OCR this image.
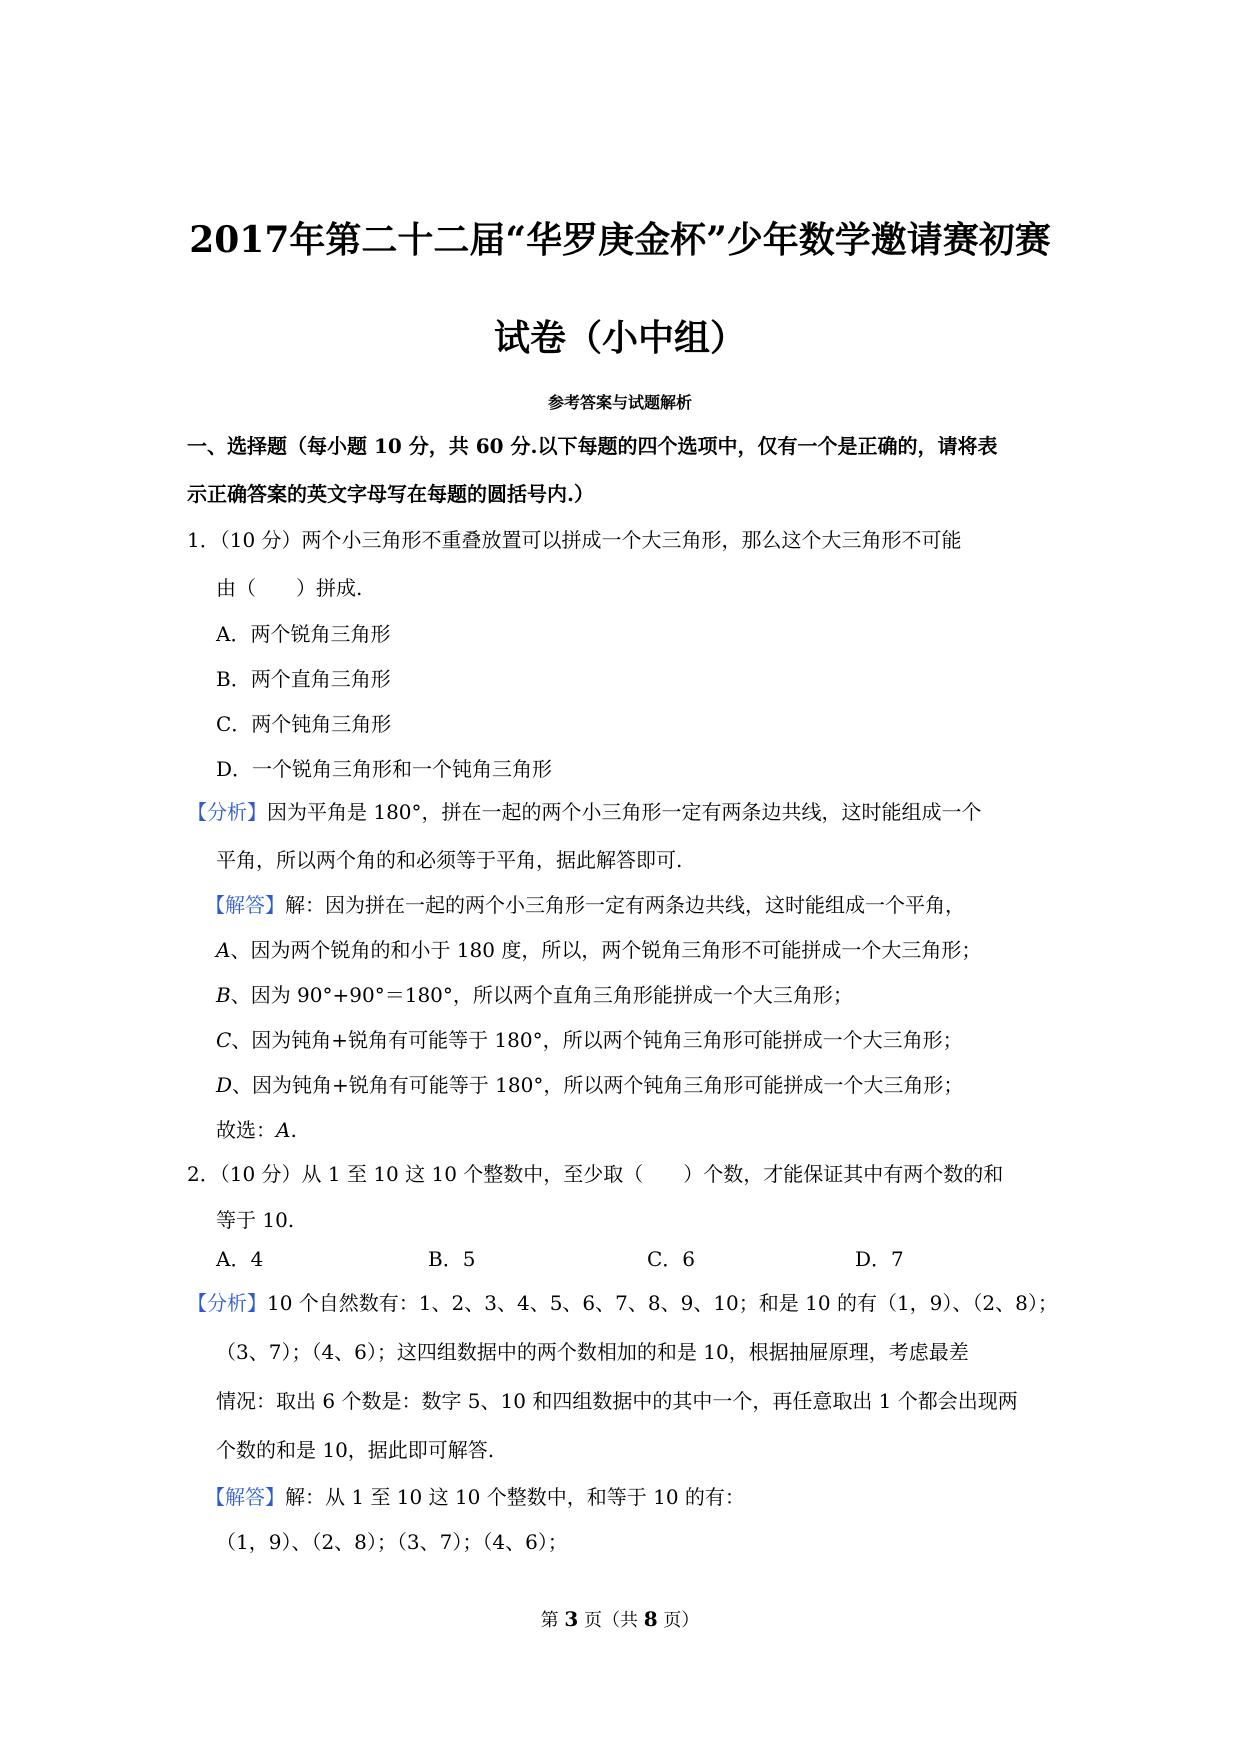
2017年第二十二届“华罗庚金杯”少年数学邀请赛初赛
试卷（小中组）
参考答案与试题解析
一、选择题（每小题 10 分，共 60 分.以下每题的四个选项中，仅有一个是正确的，请将表
示正确答案的英文字母写在每题的圆括号内.）
1．（10 分）两个小三角形不重叠放置可以拼成一个大三角形，那么这个大三角形不可能
由（　　）拼成.
A．两个锐角三角形
B．两个直角三角形
C．两个钝角三角形
D．一个锐角三角形和一个钝角三角形
【分析】因为平角是 180°，拼在一起的两个小三角形一定有两条边共线，这时能组成一个
平角，所以两个角的和必须等于平角，据此解答即可.
【解答】解：因为拼在一起的两个小三角形一定有两条边共线，这时能组成一个平角，
A、因为两个锐角的和小于 180 度，所以，两个锐角三角形不可能拼成一个大三角形；
B、因为 90°+90°＝180°，所以两个直角三角形能拼成一个大三角形；
C、因为钝角+锐角有可能等于 180°，所以两个钝角三角形可能拼成一个大三角形；
D、因为钝角+锐角有可能等于 180°，所以两个钝角三角形可能拼成一个大三角形；
故选：A.
2．（10 分）从 1 至 10 这 10 个整数中，至少取（　　）个数，才能保证其中有两个数的和
等于 10.
A．4	B．5	C．6	D．7
【分析】10 个自然数有：1、2、3、4、5、6、7、8、9、10；和是 10 的有（1，9）、（2、8）；
（3、7）；（4、6）；这四组数据中的两个数相加的和是 10，根据抽屉原理，考虑最差
情况：取出 6 个数是：数字 5、10 和四组数据中的其中一个，再任意取出 1 个都会出现两
个数的和是 10，据此即可解答.
【解答】解：从 1 至 10 这 10 个整数中，和等于 10 的有：
（1，9）、（2、8）；（3、7）；（4、6）；
第 3 页（共 8 页）
